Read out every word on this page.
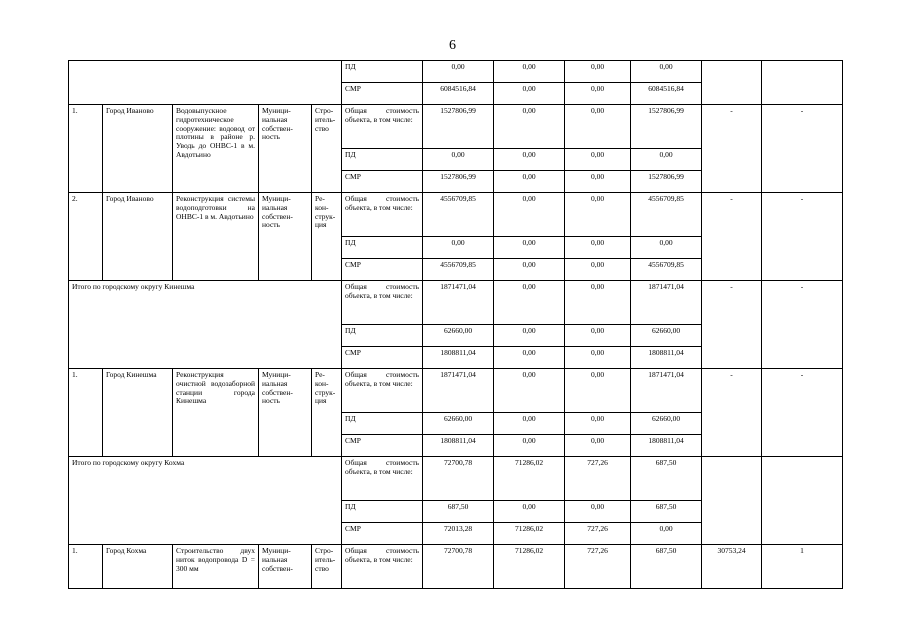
6
					ПД	0,00	0,00	0,00	0,00		
					СМР	6084516,84	0,00	0,00	6084516,84		
1.	Город Иваново	Водовыпускное гидротехническое сооружение: водовод от плотины в районе р. Уводь до ОНВС-1 в м. Авдотьино	Муници-иальная собствен-ность	Стро-итель-ство	Общая стоимость объекта, в том числе:	1527806,99	0,00	0,00	1527806,99	-	-
					ПД	0,00	0,00	0,00	0,00		
					СМР	1527806,99	0,00	0,00	1527806,99		
2.	Город Иваново	Реконструкция системы водоподготовки на ОНВС-1 в м. Авдотьино	Муници-иальная собствен-ность	Ре-кон-струк-ция	Общая стоимость объекта, в том числе:	4556709,85	0,00	0,00	4556709,85	-	-
					ПД	0,00	0,00	0,00	0,00		
					СМР	4556709,85	0,00	0,00	4556709,85		
Итого по городскому округу Кинешма					Общая стоимость объекта, в том числе:	1871471,04	0,00	0,00	1871471,04	-	-
					ПД	62660,00	0,00	0,00	62660,00		
					СМР	1808811,04	0,00	0,00	1808811,04		
1.	Город Кинешма	Реконструкция очистной водозаборной станции города Кинешма	Муници-иальная собствен-ность	Ре-кон-струк-ция	Общая стоимость объекта, в том числе:	1871471,04	0,00	0,00	1871471,04	-	-
					ПД	62660,00	0,00	0,00	62660,00		
					СМР	1808811,04	0,00	0,00	1808811,04		
Итого по городскому округу Кохма					Общая стоимость объекта, в том числе:	72700,78	71286,02	727,26	687,50		
					ПД	687,50	0,00	0,00	687,50		
					СМР	72013,28	71286,02	727,26	0,00		
1.	Город Кохма	Строительство двух ниток водопровода D = 300 мм	Муници-иальная собствен-	Стро-итель-ство	Общая стоимость объекта, в том числе:	72700,78	71286,02	727,26	687,50	30753,24	1
